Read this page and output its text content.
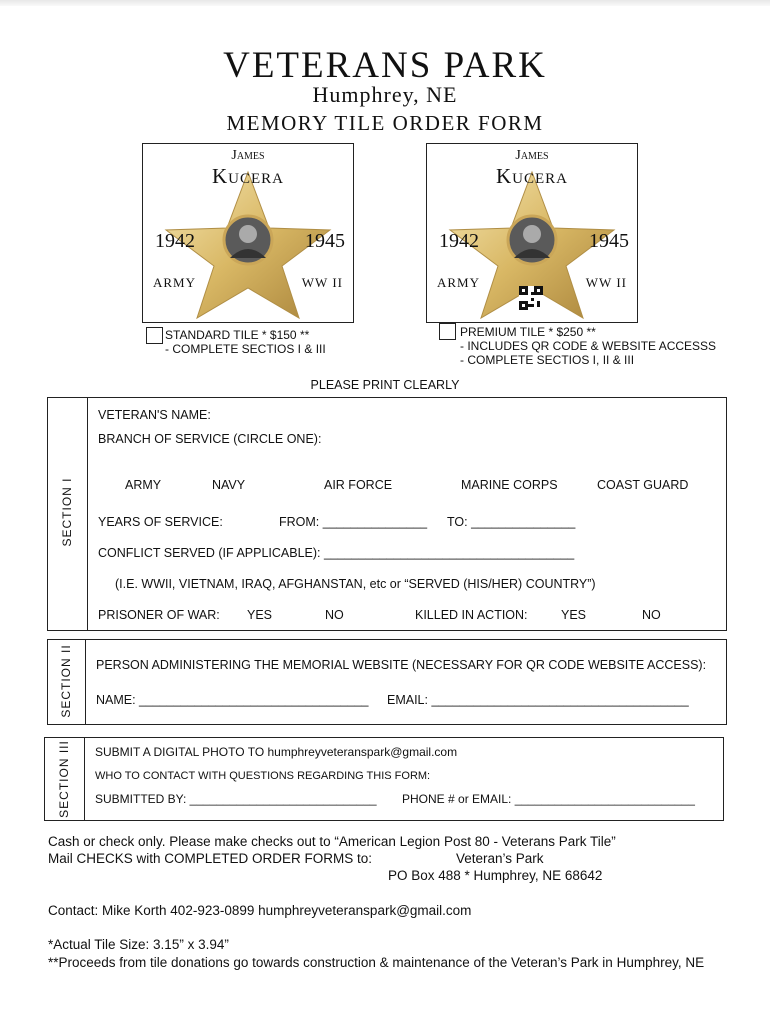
VETERANS PARK
Humphrey, NE
MEMORY TILE ORDER FORM
James
Kucera
1942	1945
ARMY	WW II
James
Kucera
1942	1945
ARMY	WW II
STANDARD TILE * $150 **
- COMPLETE SECTIOS I & III
PREMIUM TILE * $250 **
- INCLUDES QR CODE & WEBSITE ACCESSS
- COMPLETE SECTIOS I, II & III
PLEASE PRINT CLEARLY
SECTION I
VETERAN'S NAME:
BRANCH OF SERVICE (CIRCLE ONE):
ARMY	NAVY	AIR FORCE	MARINE CORPS	COAST GUARD
YEARS OF SERVICE:	FROM: _______________ TO: _______________
CONFLICT SERVED (IF APPLICABLE): ____________________________________
(I.E. WWII, VIETNAM, IRAQ, AFGHANSTAN, etc or “SERVED (HIS/HER) COUNTRY”)
PRISONER OF WAR: YES	NO	KILLED IN ACTION:	YES	NO
SECTION II PERSON ADMINISTERING THE MEMORIAL WEBSITE (NECESSARY FOR QR CODE WEBSITE ACCESS):
NAME: _________________________________ EMAIL: _____________________________________
SECTION III SUBMIT A DIGITAL PHOTO TO humphreyveteranspark@gmail.com
WHO TO CONTACT WITH QUESTIONS REGARDING THIS FORM:
SUBMITTED BY: ____________________________ PHONE # or EMAIL: ___________________________
Cash or check only. Please make checks out to “American Legion Post 80 - Veterans Park Tile”
Mail CHECKS with COMPLETED ORDER FORMS to:	Veteran’s Park
PO Box 488 * Humphrey, NE 68642
Contact: Mike Korth 402-923-0899 humphreyveteranspark@gmail.com
*Actual Tile Size: 3.15” x 3.94”
**Proceeds from tile donations go towards construction & maintenance of the Veteran’s Park in Humphrey, NE
